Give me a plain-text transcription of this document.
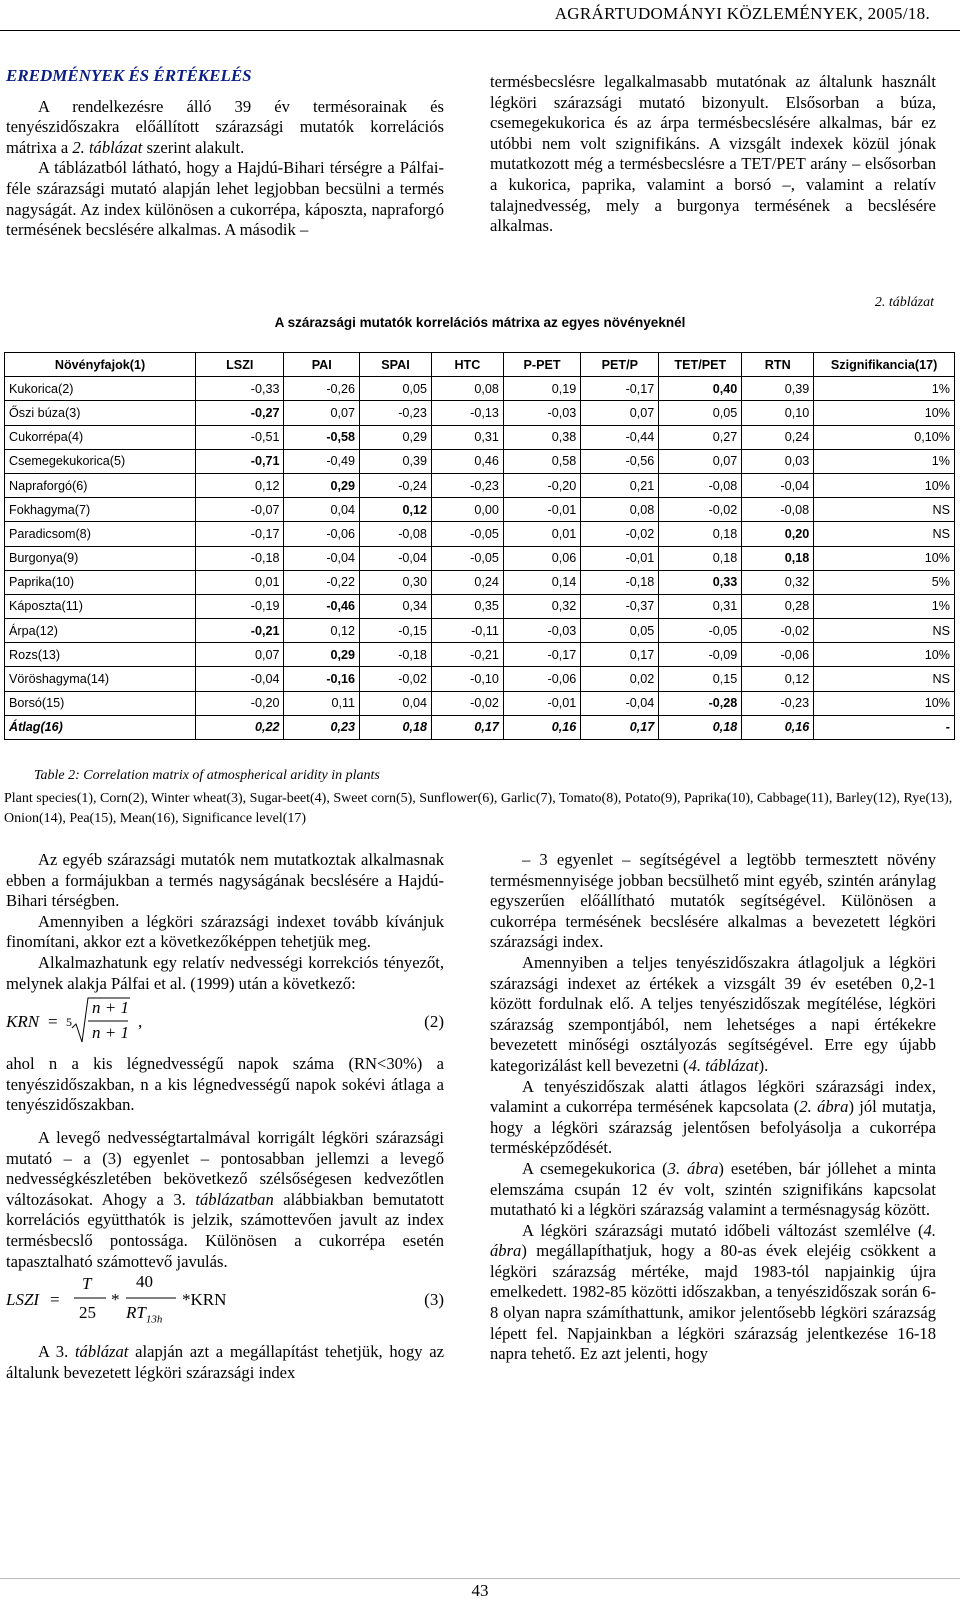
AGRÁRTUDOMÁNYI KÖZLEMÉNYEK, 2005/18.

EREDMÉNYEK ÉS ÉRTÉKELÉS

A rendelkezésre álló 39 év termésorainak és tenyészidőszakra előállított szárazsági mutatók korrelációs mátrixa a 2. táblázat szerint alakult.

A táblázatból látható, hogy a Hajdú-Bihari térségre a Pálfai-féle szárazsági mutató alapján lehet legjobban becsülni a termés nagyságát. Az index különösen a cukorrépa, káposzta, napraforgó termésének becslésére alkalmas. A második –

termésbecslésre legalkalmasabb mutatónak az általunk használt légköri szárazsági mutató bizonyult. Elsősorban a búza, csemegekukorica és az árpa termésbecslésére alkalmas, bár ez utóbbi nem volt szignifikáns. A vizsgált indexek közül jónak mutatkozott még a termésbecslésre a TET/PET arány – elsősorban a kukorica, paprika, valamint a borsó –, valamint a relatív talajnedvesség, mely a burgonya termésének a becslésére alkalmas.

2. táblázat
A szárazsági mutatók korrelációs mátrixa az egyes növényeknél
Növényfajok(1)	LSZI	PAI	SPAI	HTC	P-PET	PET/P	TET/PET	RTN	Szignifikancia(17)
Kukorica(2)	-0,33	-0,26	0,05	0,08	0,19	-0,17	0,40	0,39	1%
Őszi búza(3)	-0,27	0,07	-0,23	-0,13	-0,03	0,07	0,05	0,10	10%
Cukorrépa(4)	-0,51	-0,58	0,29	0,31	0,38	-0,44	0,27	0,24	0,10%
Csemegekukorica(5)	-0,71	-0,49	0,39	0,46	0,58	-0,56	0,07	0,03	1%
Napraforgó(6)	0,12	0,29	-0,24	-0,23	-0,20	0,21	-0,08	-0,04	10%
Fokhagyma(7)	-0,07	0,04	0,12	0,00	-0,01	0,08	-0,02	-0,08	NS
Paradicsom(8)	-0,17	-0,06	-0,08	-0,05	0,01	-0,02	0,18	0,20	NS
Burgonya(9)	-0,18	-0,04	-0,04	-0,05	0,06	-0,01	0,18	0,18	10%
Paprika(10)	0,01	-0,22	0,30	0,24	0,14	-0,18	0,33	0,32	5%
Káposzta(11)	-0,19	-0,46	0,34	0,35	0,32	-0,37	0,31	0,28	1%
Árpa(12)	-0,21	0,12	-0,15	-0,11	-0,03	0,05	-0,05	-0,02	NS
Rozs(13)	0,07	0,29	-0,18	-0,21	-0,17	0,17	-0,09	-0,06	10%
Vöröshagyma(14)	-0,04	-0,16	-0,02	-0,10	-0,06	0,02	0,15	0,12	NS
Borsó(15)	-0,20	0,11	0,04	-0,02	-0,01	-0,04	-0,28	-0,23	10%
Átlag(16)	0,22	0,23	0,18	0,17	0,16	0,17	0,18	0,16	-
Table 2: Correlation matrix of atmospherical aridity in plants
Plant species(1), Corn(2), Winter wheat(3), Sugar-beet(4), Sweet corn(5), Sunflower(6), Garlic(7), Tomato(8), Potato(9), Paprika(10), Cabbage(11), Barley(12), Rye(13), Onion(14), Pea(15), Mean(16), Significance level(17)

Az egyéb szárazsági mutatók nem mutatkoztak alkalmasnak ebben a formájukban a termés nagyságának becslésére a Hajdú-Bihari térségben.

Amennyiben a légköri szárazsági indexet tovább kívánjuk finomítani, akkor ezt a következőképpen tehetjük meg.

Alkalmazhatunk egy relatív nedvességi korrekciós tényezőt, melynek alakja Pálfai et al. (1999) után a következő:

KRN = 5
n + 1
n + 1
,	(2)

ahol n a kis légnedvességű napok száma (RN<30%) a tenyészidőszakban, n a kis légnedvességű napok sokévi átlaga a tenyészidőszakban.

A levegő nedvességtartalmával korrigált légköri szárazsági mutató – a (3) egyenlet – pontosabban jellemzi a levegő nedvességkészletében bekövetkező szélsőségesen kedvezőtlen változásokat. Ahogy a 3. táblázatban alábbiakban bemutatott korrelációs együtthatók is jelzik, számottevően javult az index termésbecslő pontossága. Különösen a cukorrépa esetén tapasztalható számottevő javulás.

LSZI =
T
25
*
40
$RT_{13h}$
*KRN	(3)

A 3. táblázat alapján azt a megállapítást tehetjük, hogy az általunk bevezetett légköri szárazsági index

– 3 egyenlet – segítségével a legtöbb termesztett növény termésmennyisége jobban becsülhető mint egyéb, szintén aránylag egyszerűen előállítható mutatók segítségével. Különösen a cukorrépa termésének becslésére alkalmas a bevezetett légköri szárazsági index.

Amennyiben a teljes tenyészidőszakra átlagoljuk a légköri szárazsági indexet az értékek a vizsgált 39 év esetében 0,2-1 között fordulnak elő. A teljes tenyészidőszak megítélése, légköri szárazság szempontjából, nem lehetséges a napi értékekre bevezetett minőségi osztályozás segítségével. Erre egy újabb kategorizálást kell bevezetni (4. táblázat).

A tenyészidőszak alatti átlagos légköri szárazsági index, valamint a cukorrépa termésének kapcsolata (2. ábra) jól mutatja, hogy a légköri szárazság jelentősen befolyásolja a cukorrépa termésképződését.

A csemegekukorica (3. ábra) esetében, bár jóllehet a minta elemszáma csupán 12 év volt, szintén szignifikáns kapcsolat mutatható ki a légköri szárazság valamint a termésnagyság között.

A légköri szárazsági mutató időbeli változást szemlélve (4. ábra) megállapíthatjuk, hogy a 80-as évek elejéig csökkent a légköri szárazság mértéke, majd 1983-tól napjainkig újra emelkedett. 1982-85 közötti időszakban, a tenyészidőszak során 6-8 olyan napra számíthattunk, amikor jelentősebb légköri szárazság lépett fel. Napjainkban a légköri szárazság jelentkezése 16-18 napra tehető. Ez azt jelenti, hogy

43
